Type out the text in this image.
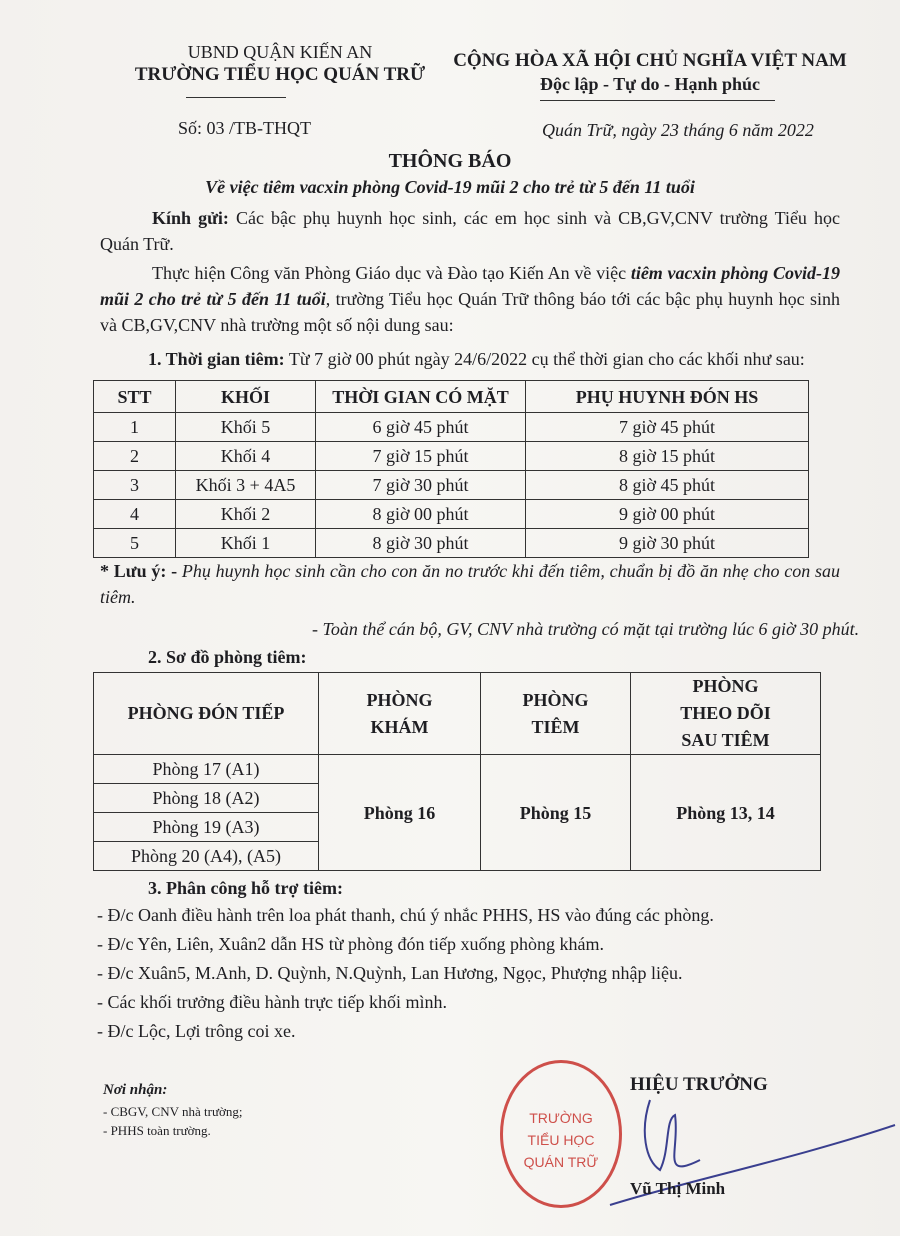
UBND QUẬN KIẾN AN
TRƯỜNG TIỂU HỌC QUÁN TRỮ
CỘNG HÒA XÃ HỘI CHỦ NGHĨA VIỆT NAM
Độc lập - Tự do - Hạnh phúc
Số: 03 /TB-THQT	Quán Trữ, ngày 23 tháng 6 năm 2022
THÔNG BÁO
Về việc tiêm vacxin phòng Covid-19 mũi 2 cho trẻ từ 5 đến 11 tuổi
Kính gửi: Các bậc phụ huynh học sinh, các em học sinh và CB,GV,CNV trường Tiểu học Quán Trữ.
Thực hiện Công văn Phòng Giáo dục và Đào tạo Kiến An về việc tiêm vacxin phòng Covid-19 mũi 2 cho trẻ từ 5 đến 11 tuổi, trường Tiểu học Quán Trữ thông báo tới các bậc phụ huynh học sinh và CB,GV,CNV nhà trường một số nội dung sau:
1. Thời gian tiêm: Từ 7 giờ 00 phút ngày 24/6/2022 cụ thể thời gian cho các khối như sau:
STT	KHỐI	THỜI GIAN CÓ MẶT	PHỤ HUYNH ĐÓN HS
1	Khối 5	6 giờ 45 phút	7 giờ 45 phút
2	Khối 4	7 giờ 15 phút	8 giờ 15 phút
3	Khối 3 + 4A5	7 giờ 30 phút	8 giờ 45 phút
4	Khối 2	8 giờ 00 phút	9 giờ 00 phút
5	Khối 1	8 giờ 30 phút	9 giờ 30 phút
* Lưu ý: - Phụ huynh học sinh cần cho con ăn no trước khi đến tiêm, chuẩn bị đồ ăn nhẹ cho con sau tiêm.
- Toàn thể cán bộ, GV, CNV nhà trường có mặt tại trường lúc 6 giờ 30 phút.
2. Sơ đồ phòng tiêm:
PHÒNG ĐÓN TIẾP	PHÒNG KHÁM	PHÒNG TIÊM	PHÒNG THEO DÕI SAU TIÊM
Phòng 17 (A1)	Phòng 16	Phòng 15	Phòng 13, 14
Phòng 18 (A2)			
Phòng 19 (A3)			
Phòng 20 (A4), (A5)			
3. Phân công hỗ trợ tiêm:
- Đ/c Oanh điều hành trên loa phát thanh, chú ý nhắc PHHS, HS vào đúng các phòng.
- Đ/c Yên, Liên, Xuân2 dẫn HS từ phòng đón tiếp xuống phòng khám.
- Đ/c Xuân5, M.Anh, D. Quỳnh, N.Quỳnh, Lan Hương, Ngọc, Phượng nhập liệu.
- Các khối trưởng điều hành trực tiếp khối mình.
- Đ/c Lộc, Lợi trông coi xe.
Nơi nhận:
- CBGV, CNV nhà trường;
- PHHS toàn trường.
TRƯỜNG
TIỂU HỌC
QUÁN TRỮ
HIỆU TRƯỞNG
Vũ Thị Minh
